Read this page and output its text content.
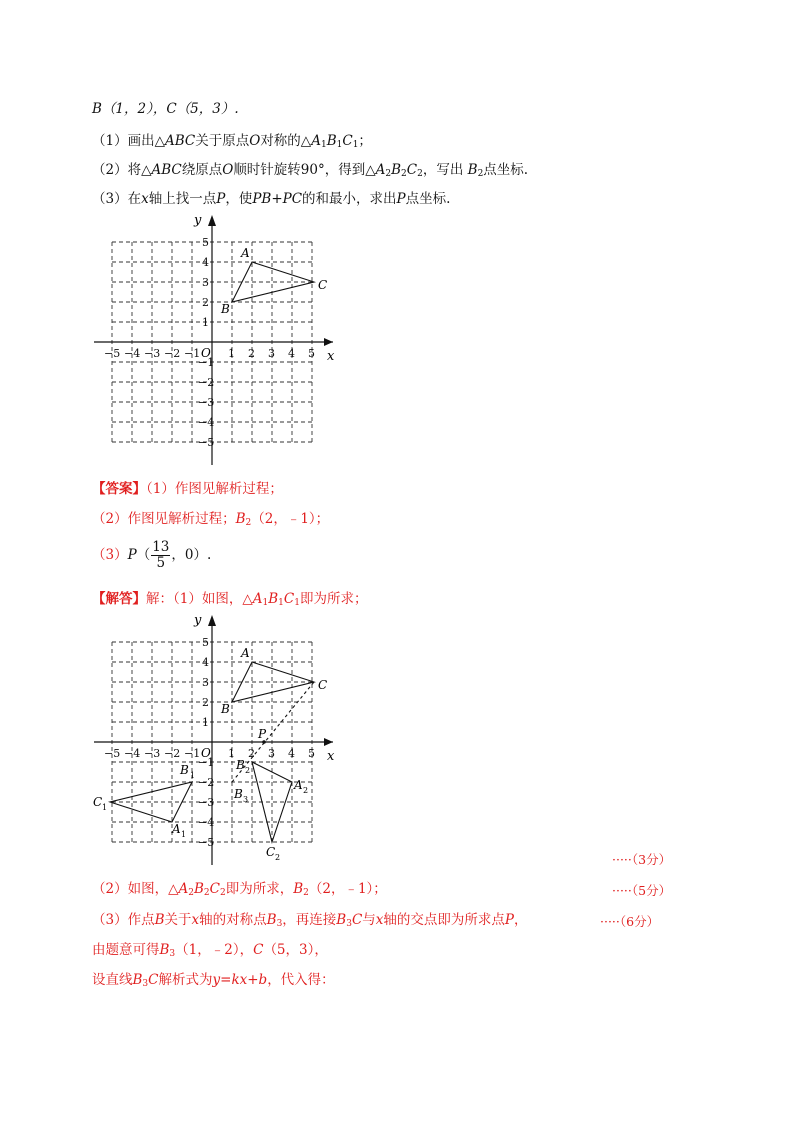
B（1，2），C（5，3）.
（1）画出△ABC关于原点O对称的$\triangle A_1B_1C_1$；
（2）将△ABC绕原点O顺时针旋转90°，得到$\triangle A_2B_2C_2$，写出 $B_2$点坐标.
（3）在x轴上找一点P，使PB+PC的和最小，求出P点坐标.
x
y
O
−5 −4 −3 −2 −1	1 2 3 4 5
1
2
3
4
5
−1
−2
−3
−4
−5
A
C
B
【答案】（1）作图见解析过程；
（2）作图见解析过程；$B_2(2$，﹣1）；
$(3)P( \frac{13}{5}$ ，0）.
【解答】解：（1）如图，$\triangle A_1B_1C_1$即为所求；
x
y
O
−5 −4 −3 −2 −1	1 2 3 4 5
1
2
3
4
5
−1
−2
−3
−4
−5
A
C
B
P
B 1
C 1
A 1
B 2
A 2
C 2
B 3
·····（3分）
（2）如图，$\triangle A_2B_2C_2$即为所求，$B_2(2$，﹣1）；	·····（5分）
（3）作点B关于x轴的对称点$B_3$，再连接$B_3C$与x轴的交点即为所求点P，	·····（6分）
由题意可得$B_3(1$，﹣2），C（5，3），
设直线$B_3C$解析式为y=kx+b，代入得：
